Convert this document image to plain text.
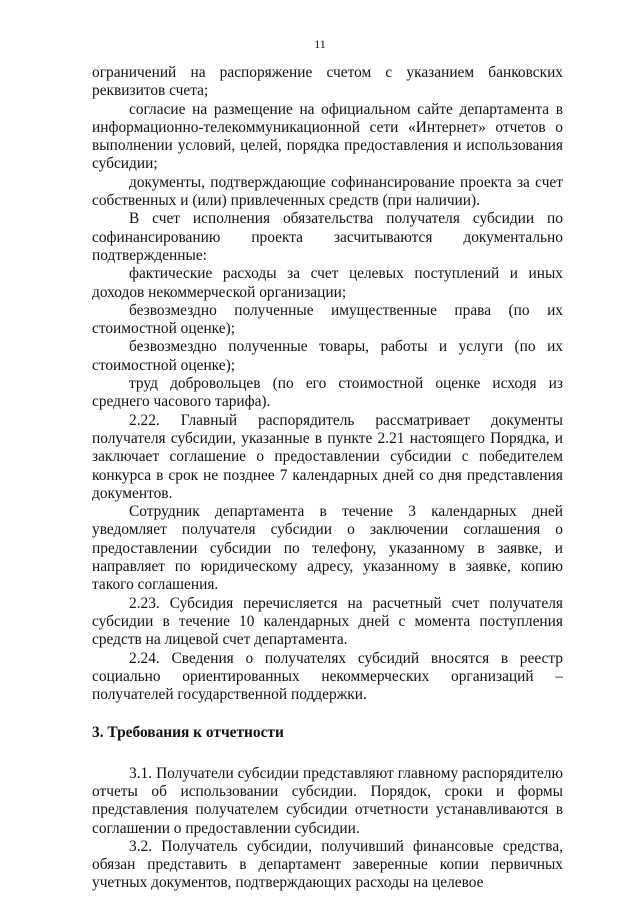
11

ограничений на распоряжение счетом с указанием банковских реквизитов счета;

согласие на размещение на официальном сайте департамента в информационно-телекоммуникационной сети «Интернет» отчетов о выполнении условий, целей, порядка предоставления и использования субсидии;

документы, подтверждающие софинансирование проекта за счет собственных и (или) привлеченных средств (при наличии).

В счет исполнения обязательства получателя субсидии по софинансированию проекта засчитываются документально подтвержденные:

фактические расходы за счет целевых поступлений и иных доходов некоммерческой организации;

безвозмездно полученные имущественные права (по их стоимостной оценке);

безвозмездно полученные товары, работы и услуги (по их стоимостной оценке);

труд добровольцев (по его стоимостной оценке исходя из среднего часового тарифа).

2.22. Главный распорядитель рассматривает документы получателя субсидии, указанные в пункте 2.21 настоящего Порядка, и заключает соглашение о предоставлении субсидии с победителем конкурса в срок не позднее 7 календарных дней со дня представления документов.

Сотрудник департамента в течение 3 календарных дней уведомляет получателя субсидии о заключении соглашения о предоставлении субсидии по телефону, указанному в заявке, и направляет по юридическому адресу, указанному в заявке, копию такого соглашения.

2.23. Субсидия перечисляется на расчетный счет получателя субсидии в течение 10 календарных дней с момента поступления средств на лицевой счет департамента.

2.24. Сведения о получателях субсидий вносятся в реестр социально ориентированных некоммерческих организаций – получателей государственной поддержки.

3. Требования к отчетности

3.1. Получатели субсидии представляют главному распорядителю отчеты об использовании субсидии. Порядок, сроки и формы представления получателем субсидии отчетности устанавливаются в соглашении о предоставлении субсидии.

3.2. Получатель субсидии, получивший финансовые средства, обязан представить в департамент заверенные копии первичных учетных документов, подтверждающих расходы на целевое
